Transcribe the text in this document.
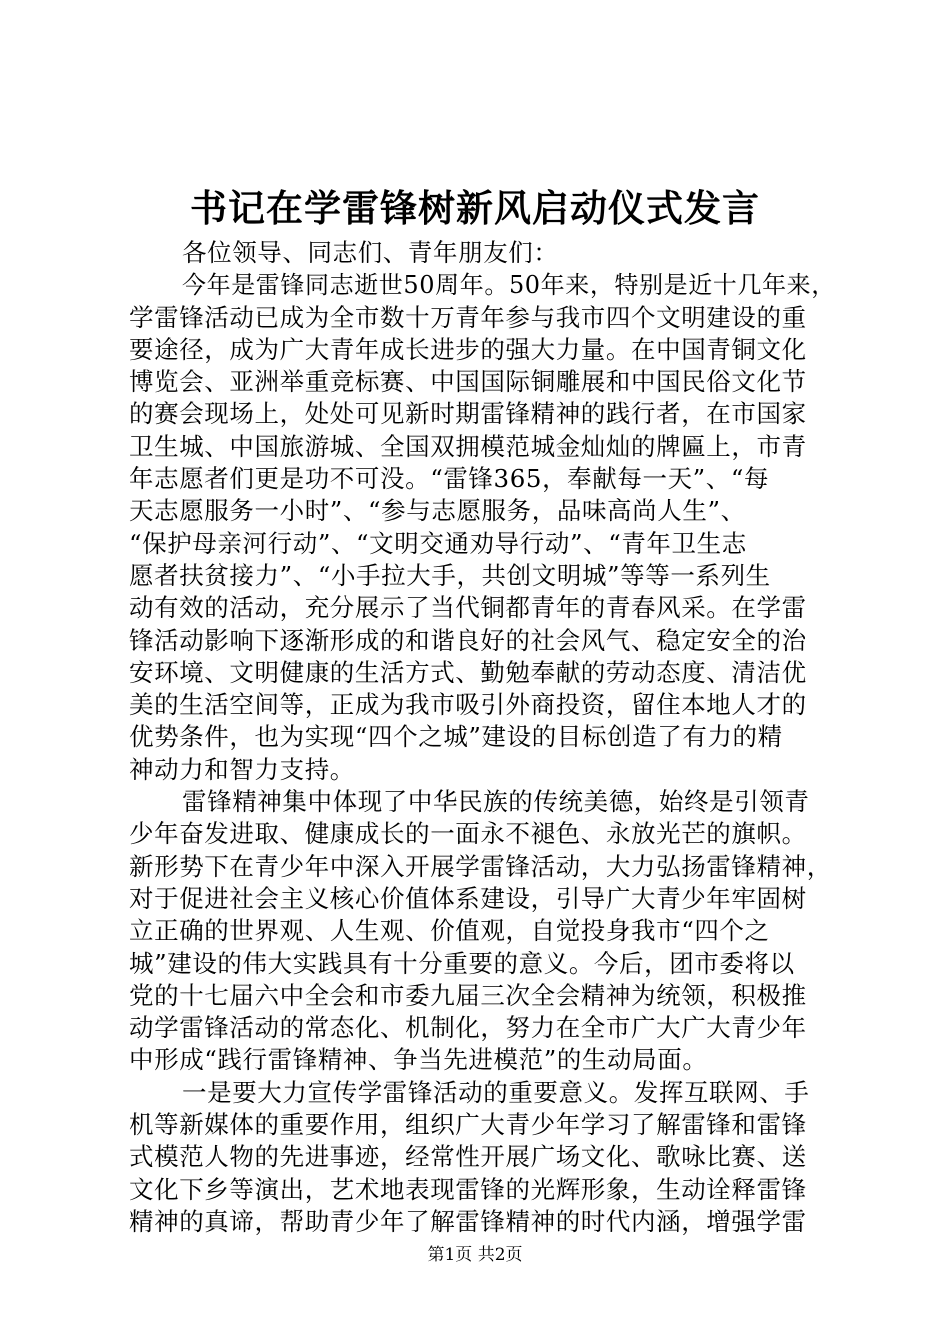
书记在学雷锋树新风启动仪式发言
各位领导、同志们、青年朋友们：
今年是雷锋同志逝世50周年。50年来，特别是近十几年来，
学雷锋活动已成为全市数十万青年参与我市四个文明建设的重
要途径，成为广大青年成长进步的强大力量。在中国青铜文化
博览会、亚洲举重竞标赛、中国国际铜雕展和中国民俗文化节
的赛会现场上，处处可见新时期雷锋精神的践行者，在市国家
卫生城、中国旅游城、全国双拥模范城金灿灿的牌匾上，市青
年志愿者们更是功不可没。“雷锋365，奉献每一天”、“每
天志愿服务一小时”、“参与志愿服务，品味高尚人生”、
“保护母亲河行动”、“文明交通劝导行动”、“青年卫生志
愿者扶贫接力”、“小手拉大手，共创文明城”等等一系列生
动有效的活动，充分展示了当代铜都青年的青春风采。在学雷
锋活动影响下逐渐形成的和谐良好的社会风气、稳定安全的治
安环境、文明健康的生活方式、勤勉奉献的劳动态度、清洁优
美的生活空间等，正成为我市吸引外商投资，留住本地人才的
优势条件，也为实现“四个之城”建设的目标创造了有力的精
神动力和智力支持。
雷锋精神集中体现了中华民族的传统美德，始终是引领青
少年奋发进取、健康成长的一面永不褪色、永放光芒的旗帜。
新形势下在青少年中深入开展学雷锋活动，大力弘扬雷锋精神，
对于促进社会主义核心价值体系建设，引导广大青少年牢固树
立正确的世界观、人生观、价值观，自觉投身我市“四个之
城”建设的伟大实践具有十分重要的意义。今后，团市委将以
党的十七届六中全会和市委九届三次全会精神为统领，积极推
动学雷锋活动的常态化、机制化，努力在全市广大广大青少年
中形成“践行雷锋精神、争当先进模范”的生动局面。
一是要大力宣传学雷锋活动的重要意义。发挥互联网、手
机等新媒体的重要作用，组织广大青少年学习了解雷锋和雷锋
式模范人物的先进事迹，经常性开展广场文化、歌咏比赛、送
文化下乡等演出，艺术地表现雷锋的光辉形象，生动诠释雷锋
精神的真谛，帮助青少年了解雷锋精神的时代内涵，增强学雷
第1页 共2页
